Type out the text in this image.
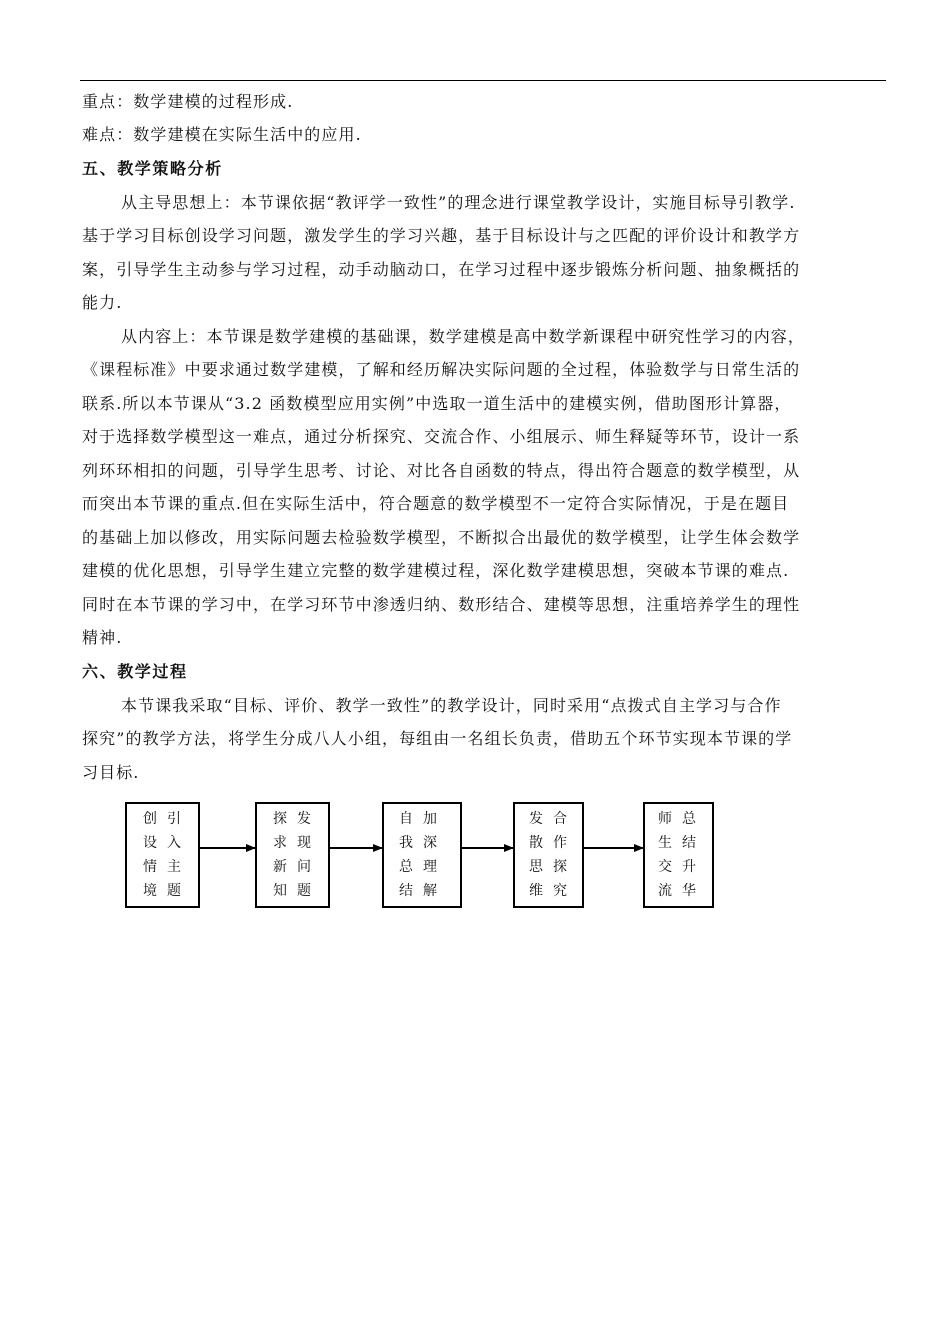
重点：数学建模的过程形成.
难点：数学建模在实际生活中的应用.
五、教学策略分析
从主导思想上：本节课依据“教评学一致性”的理念进行课堂教学设计，实施目标导引教学.
基于学习目标创设学习问题，激发学生的学习兴趣，基于目标设计与之匹配的评价设计和教学方
案，引导学生主动参与学习过程，动手动脑动口，在学习过程中逐步锻炼分析问题、抽象概括的
能力.
从内容上：本节课是数学建模的基础课，数学建模是高中数学新课程中研究性学习的内容，
《课程标准》中要求通过数学建模，了解和经历解决实际问题的全过程，体验数学与日常生活的
联系.所以本节课从“3.2 函数模型应用实例”中选取一道生活中的建模实例，借助图形计算器，
对于选择数学模型这一难点，通过分析探究、交流合作、小组展示、师生释疑等环节，设计一系
列环环相扣的问题，引导学生思考、讨论、对比各自函数的特点，得出符合题意的数学模型，从
而突出本节课的重点.但在实际生活中，符合题意的数学模型不一定符合实际情况，于是在题目
的基础上加以修改，用实际问题去检验数学模型，不断拟合出最优的数学模型，让学生体会数学
建模的优化思想，引导学生建立完整的数学建模过程，深化数学建模思想，突破本节课的难点.
同时在本节课的学习中，在学习环节中渗透归纳、数形结合、建模等思想，注重培养学生的理性
精神.
六、教学过程
本节课我采取“目标、评价、教学一致性”的教学设计，同时采用“点拨式自主学习与合作
探究”的教学方法，将学生分成八人小组，每组由一名组长负责，借助五个环节实现本节课的学
习目标.
创设情境
引入主题
探求新知
发现问题
自我总结
加深理解
发散思维
合作探究
师生交流
总结升华
